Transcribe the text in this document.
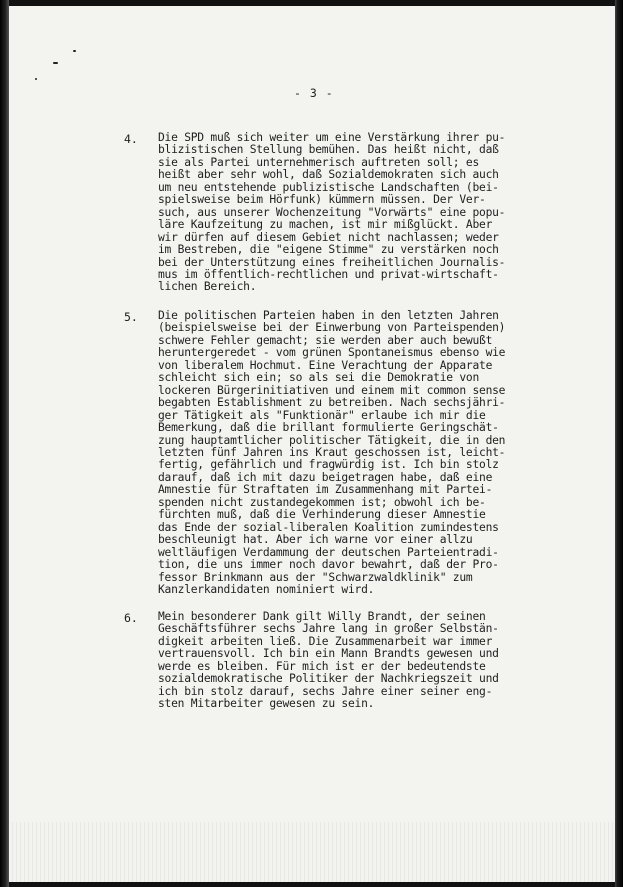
- 3 -
4. Die SPD muß sich weiter um eine Verstärkung ihrer pu-
blizistischen Stellung bemühen. Das heißt nicht, daß
sie als Partei unternehmerisch auftreten soll; es
heißt aber sehr wohl, daß Sozialdemokraten sich auch
um neu entstehende publizistische Landschaften (bei-
spielsweise beim Hörfunk) kümmern müssen. Der Ver-
such, aus unserer Wochenzeitung "Vorwärts" eine popu-
läre Kaufzeitung zu machen, ist mir mißglückt. Aber
wir dürfen auf diesem Gebiet nicht nachlassen; weder
im Bestreben, die "eigene Stimme" zu verstärken noch
bei der Unterstützung eines freiheitlichen Journalis-
mus im öffentlich-rechtlichen und privat-wirtschaft-
lichen Bereich.
5. Die politischen Parteien haben in den letzten Jahren
(beispielsweise bei der Einwerbung von Parteispenden)
schwere Fehler gemacht; sie werden aber auch bewußt
heruntergeredet - vom grünen Spontaneismus ebenso wie
von liberalem Hochmut. Eine Verachtung der Apparate
schleicht sich ein; so als sei die Demokratie von
lockeren Bürgerinitiativen und einem mit common sense
begabten Establishment zu betreiben. Nach sechsjähri-
ger Tätigkeit als "Funktionär" erlaube ich mir die
Bemerkung, daß die brillant formulierte Geringschät-
zung hauptamtlicher politischer Tätigkeit, die in den
letzten fünf Jahren ins Kraut geschossen ist, leicht-
fertig, gefährlich und fragwürdig ist. Ich bin stolz
darauf, daß ich mit dazu beigetragen habe, daß eine
Amnestie für Straftaten im Zusammenhang mit Partei-
spenden nicht zustandegekommen ist; obwohl ich be-
fürchten muß, daß die Verhinderung dieser Amnestie
das Ende der sozial-liberalen Koalition zumindestens
beschleunigt hat. Aber ich warne vor einer allzu
weltläufigen Verdammung der deutschen Parteientradi-
tion, die uns immer noch davor bewahrt, daß der Pro-
fessor Brinkmann aus der "Schwarzwaldklinik" zum
Kanzlerkandidaten nominiert wird.
6. Mein besonderer Dank gilt Willy Brandt, der seinen
Geschäftsführer sechs Jahre lang in großer Selbstän-
digkeit arbeiten ließ. Die Zusammenarbeit war immer
vertrauensvoll. Ich bin ein Mann Brandts gewesen und
werde es bleiben. Für mich ist er der bedeutendste
sozialdemokratische Politiker der Nachkriegszeit und
ich bin stolz darauf, sechs Jahre einer seiner eng-
sten Mitarbeiter gewesen zu sein.
